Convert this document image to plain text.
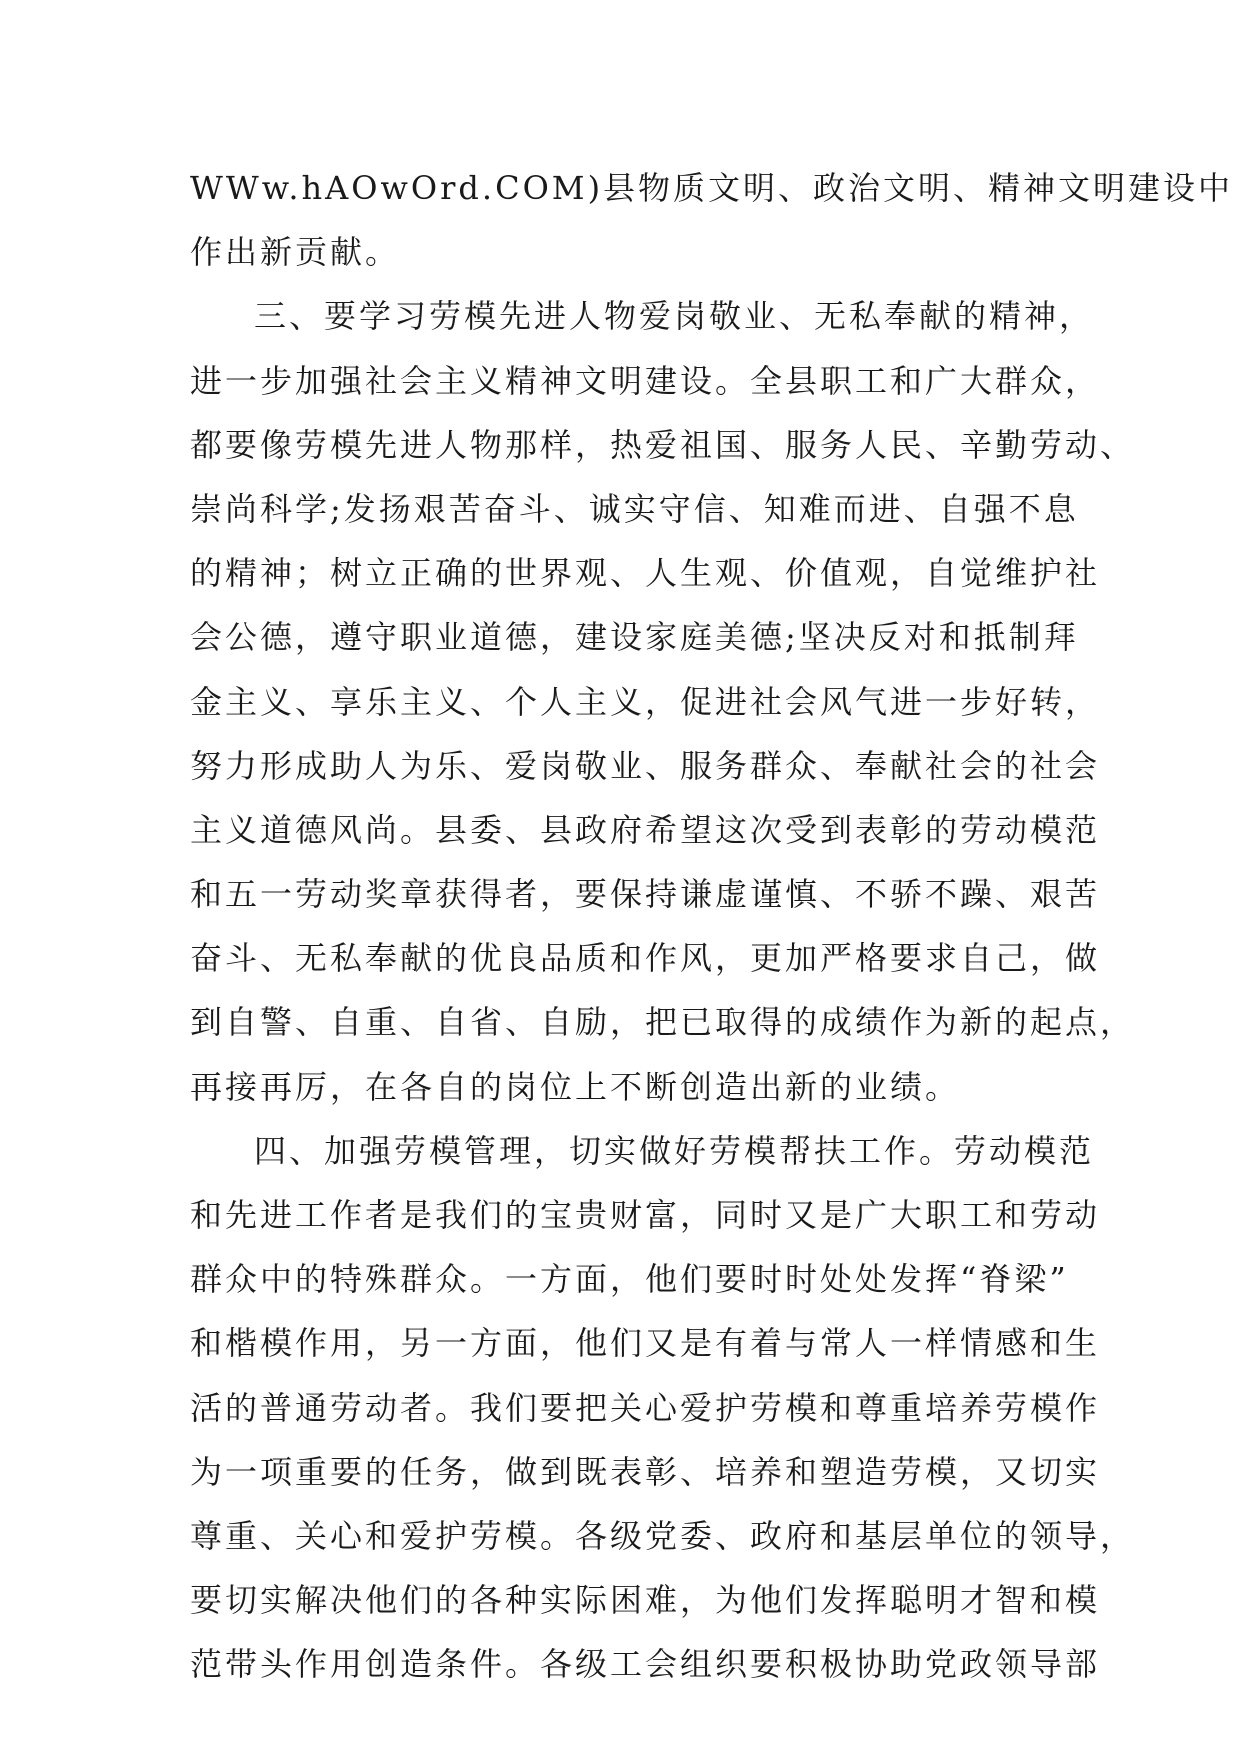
WWw.hAOwOrd.COM)县物质文明、政治文明、精神文明建设中
作出新贡献。
三、要学习劳模先进人物爱岗敬业、无私奉献的精神，
进一步加强社会主义精神文明建设。全县职工和广大群众，
都要像劳模先进人物那样，热爱祖国、服务人民、辛勤劳动、
崇尚科学;发扬艰苦奋斗、诚实守信、知难而进、自强不息
的精神；树立正确的世界观、人生观、价值观，自觉维护社
会公德，遵守职业道德，建设家庭美德;坚决反对和抵制拜
金主义、享乐主义、个人主义，促进社会风气进一步好转，
努力形成助人为乐、爱岗敬业、服务群众、奉献社会的社会
主义道德风尚。县委、县政府希望这次受到表彰的劳动模范
和五一劳动奖章获得者，要保持谦虚谨慎、不骄不躁、艰苦
奋斗、无私奉献的优良品质和作风，更加严格要求自己，做
到自警、自重、自省、自励，把已取得的成绩作为新的起点，
再接再厉，在各自的岗位上不断创造出新的业绩。
四、加强劳模管理，切实做好劳模帮扶工作。劳动模范
和先进工作者是我们的宝贵财富，同时又是广大职工和劳动
群众中的特殊群众。一方面，他们要时时处处发挥“脊梁”
和楷模作用，另一方面，他们又是有着与常人一样情感和生
活的普通劳动者。我们要把关心爱护劳模和尊重培养劳模作
为一项重要的任务，做到既表彰、培养和塑造劳模，又切实
尊重、关心和爱护劳模。各级党委、政府和基层单位的领导，
要切实解决他们的各种实际困难，为他们发挥聪明才智和模
范带头作用创造条件。各级工会组织要积极协助党政领导部
